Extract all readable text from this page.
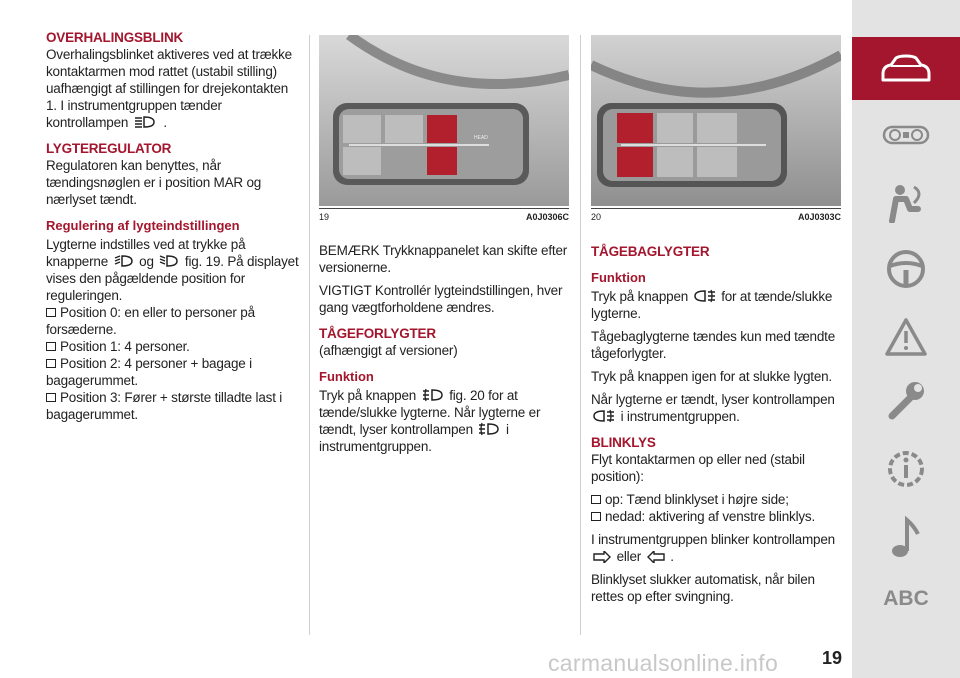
OVERHALINGSBLINK

Overhalingsblinket aktiveres ved at trække kontaktarmen mod rattet (ustabil stilling) uafhængigt af stillingen for drejekontakten 1. I instrumentgruppen tænder kontrollampen	.

LYGTEREGULATOR

Regulatoren kan benyttes, når tændingsnøglen er i position MAR og nærlyset tændt.

Regulering af lygteindstillingen

Lygterne indstilles ved at trykke på knapperne og fig. 19. På displayet vises den pågældende position for reguleringen.

Position 0: en eller to personer på forsæderne.

Position 1: 4 personer.

Position 2: 4 personer + bagage i bagagerummet.

Position 3: Fører + største tilladte last i bagagerummet.

HEAD
19	A0J0306C

BEMÆRK Trykknappanelet kan skifte efter versionerne.

VIGTIGT Kontrollér lygteindstillingen, hver gang vægtforholdene ændres.

TÅGEFORLYGTER

(afhængigt af versioner)

Funktion

Tryk på knappen fig. 20 for at tænde/slukke lygterne. Når lygterne er tændt, lyser kontrollampen i instrumentgruppen.

20	A0J0303C

TÅGEBAGLYGTER

Funktion

Tryk på knappen for at tænde/slukke lygterne.

Tågebaglygterne tændes kun med tændte tågeforlygter.

Tryk på knappen igen for at slukke lygten.

Når lygterne er tændt, lyser kontrollampen  i instrumentgruppen.

BLINKLYS

Flyt kontaktarmen op eller ned (stabil position):

op: Tænd blinklyset i højre side;

nedad: aktivering af venstre blinklys.

I instrumentgruppen blinker kontrollampen  eller .

Blinklyset slukker automatisk, når bilen rettes op efter svingning.	ABC
carmanualsonline.info 19
